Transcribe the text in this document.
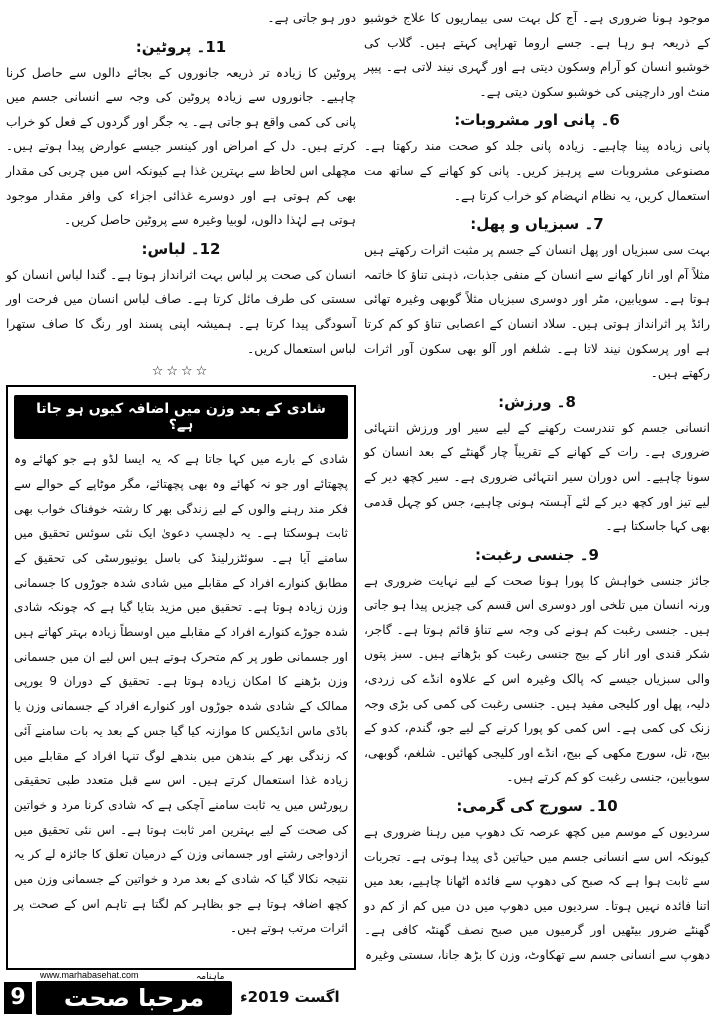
موجود ہونا ضروری ہے۔ آج کل بہت سی بیماریوں کا علاج خوشبو کے ذریعہ ہو رہا ہے۔ جسے اروما تھراپی کہتے ہیں۔ گلاب کی خوشبو انسان کو آرام وسکون دیتی ہے اور گہری نیند لاتی ہے۔ پیپر منٹ اور دارچینی کی خوشبو سکون دیتی ہے۔

6۔ پانی اور مشروبات:

پانی زیادہ پینا چاہیے۔ زیادہ پانی جلد کو صحت مند رکھتا ہے۔ مصنوعی مشروبات سے پرہیز کریں۔ پانی کو کھانے کے ساتھ مت استعمال کریں، یہ نظام انہضام کو خراب کرتا ہے۔

7۔ سبزیاں و پھل:

بہت سی سبزیاں اور پھل انسان کے جسم پر مثبت اثرات رکھتے ہیں مثلاً آم اور انار کھانے سے انسان کے منفی جذبات، ذہنی تناؤ کا خاتمہ ہوتا ہے۔ سویابین، مٹر اور دوسری سبزیاں مثلاً گوبھی وغیرہ تھائی رائڈ پر اثرانداز ہوتی ہیں۔ سلاد انسان کے اعصابی تناؤ کو کم کرتا ہے اور پرسکون نیند لاتا ہے۔ شلغم اور آلو بھی سکون آور اثرات رکھتے ہیں۔

8۔ ورزش:

انسانی جسم کو تندرست رکھنے کے لیے سیر اور ورزش انتہائی ضروری ہے۔ رات کے کھانے کے تقریباً چار گھنٹے کے بعد انسان کو سونا چاہیے۔ اس دوران سیر انتہائی ضروری ہے۔ سیر کچھ دیر کے لیے تیز اور کچھ دیر کے لئے آہستہ ہونی چاہیے، جس کو چہل قدمی بھی کہا جاسکتا ہے۔

9۔ جنسی رغبت:

جائز جنسی خواہش کا پورا ہونا صحت کے لیے نہایت ضروری ہے ورنہ انسان میں تلخی اور دوسری اس قسم کی چیزیں پیدا ہو جاتی ہیں۔ جنسی رغبت کم ہونے کی وجہ سے تناؤ قائم ہوتا ہے۔ گاجر، شکر قندی اور انار کے بیج جنسی رغبت کو بڑھاتے ہیں۔ سبز پتوں والی سبزیاں جیسے کہ پالک وغیرہ اس کے علاوہ انڈے کی زردی، دلیہ، پھل اور کلیجی مفید ہیں۔ جنسی رغبت کی کمی کی بڑی وجہ زنک کی کمی ہے۔ اس کمی کو پورا کرنے کے لیے جو، گندم، کدو کے بیج، تل، سورج مکھی کے بیج، انڈے اور کلیجی کھائیں۔ شلغم، گوبھی، سویابین، جنسی رغبت کو کم کرتے ہیں۔

10۔ سورج کی گرمی:

سردیوں کے موسم میں کچھ عرصہ تک دھوپ میں رہنا ضروری ہے کیونکہ اس سے انسانی جسم میں حیاتین ڈی پیدا ہوتی ہے۔ تجربات سے ثابت ہوا ہے کہ صبح کی دھوپ سے فائدہ اٹھانا چاہیے، بعد میں اتنا فائدہ نہیں ہوتا۔ سردیوں میں دھوپ میں دن میں کم از کم دو گھنٹے ضرور بیٹھیں اور گرمیوں میں صبح نصف گھنٹہ کافی ہے۔ دھوپ سے انسانی جسم سے تھکاوٹ، وزن کا بڑھ جانا، سستی وغیرہ

دور ہو جاتی ہے۔

11۔ پروٹین:

پروٹین کا زیادہ تر ذریعہ جانوروں کے بجائے دالوں سے حاصل کرنا چاہیے۔ جانوروں سے زیادہ پروٹین کی وجہ سے انسانی جسم میں پانی کی کمی واقع ہو جاتی ہے۔ یہ جگر اور گردوں کے فعل کو خراب کرتے ہیں۔ دل کے امراض اور کینسر جیسے عوارض پیدا ہوتے ہیں۔ مچھلی اس لحاظ سے بہترین غذا ہے کیونکہ اس میں چربی کی مقدار بھی کم ہوتی ہے اور دوسرے غذائی اجزاء کی وافر مقدار موجود ہوتی ہے لہٰذا دالوں، لوبیا وغیرہ سے پروٹین حاصل کریں۔

12۔ لباس:

انسان کی صحت پر لباس بہت اثرانداز ہوتا ہے۔ گندا لباس انسان کو سستی کی طرف مائل کرتا ہے۔ صاف لباس انسان میں فرحت اور آسودگی پیدا کرتا ہے۔ ہمیشہ اپنی پسند اور رنگ کا صاف ستھرا لباس استعمال کریں۔

☆☆☆☆
شادی کے بعد وزن میں اضافہ کیوں ہو جاتا ہے؟

شادی کے بارے میں کہا جاتا ہے کہ یہ ایسا لڈو ہے جو کھائے وہ پچھتائے اور جو نہ کھائے وہ بھی پچھتائے، مگر موٹاپے کے حوالے سے فکر مند رہنے والوں کے لیے زندگی بھر کا رشتہ خوفناک خواب بھی ثابت ہوسکتا ہے۔ یہ دلچسپ دعویٰ ایک نئی سوئس تحقیق میں سامنے آیا ہے۔ سوئٹزرلینڈ کی باسل یونیورسٹی کی تحقیق کے مطابق کنوارے افراد کے مقابلے میں شادی شدہ جوڑوں کا جسمانی وزن زیادہ ہوتا ہے۔ تحقیق میں مزید بتایا گیا ہے کہ چونکہ شادی شدہ جوڑے کنوارے افراد کے مقابلے میں اوسطاً زیادہ بہتر کھاتے ہیں اور جسمانی طور پر کم متحرک ہوتے ہیں اس لیے ان میں جسمانی وزن بڑھنے کا امکان زیادہ ہوتا ہے۔ تحقیق کے دوران 9 یورپی ممالک کے شادی شدہ جوڑوں اور کنوارے افراد کے جسمانی وزن یا باڈی ماس انڈیکس کا موازنہ کیا گیا جس کے بعد یہ بات سامنے آئی کہ زندگی بھر کے بندھن میں بندھے لوگ تنہا افراد کے مقابلے میں زیادہ غذا استعمال کرتے ہیں۔ اس سے قبل متعدد طبی تحقیقی رپورٹس میں یہ ثابت سامنے آچکی ہے کہ شادی کرنا مرد و خواتین کی صحت کے لیے بہترین امر ثابت ہوتا ہے۔ اس نئی تحقیق میں ازدواجی رشتے اور جسمانی وزن کے درمیان تعلق کا جائزہ لے کر یہ نتیجہ نکالا گیا کہ شادی کے بعد مرد و خواتین کے جسمانی وزن میں کچھ اضافہ ہوتا ہے جو بظاہر کم لگتا ہے تاہم اس کے صحت پر اثرات مرتب ہوتے ہیں۔

9
www.marhabasehat.com
مرحبا صحت
ماہنامہ
اگست 2019ء
